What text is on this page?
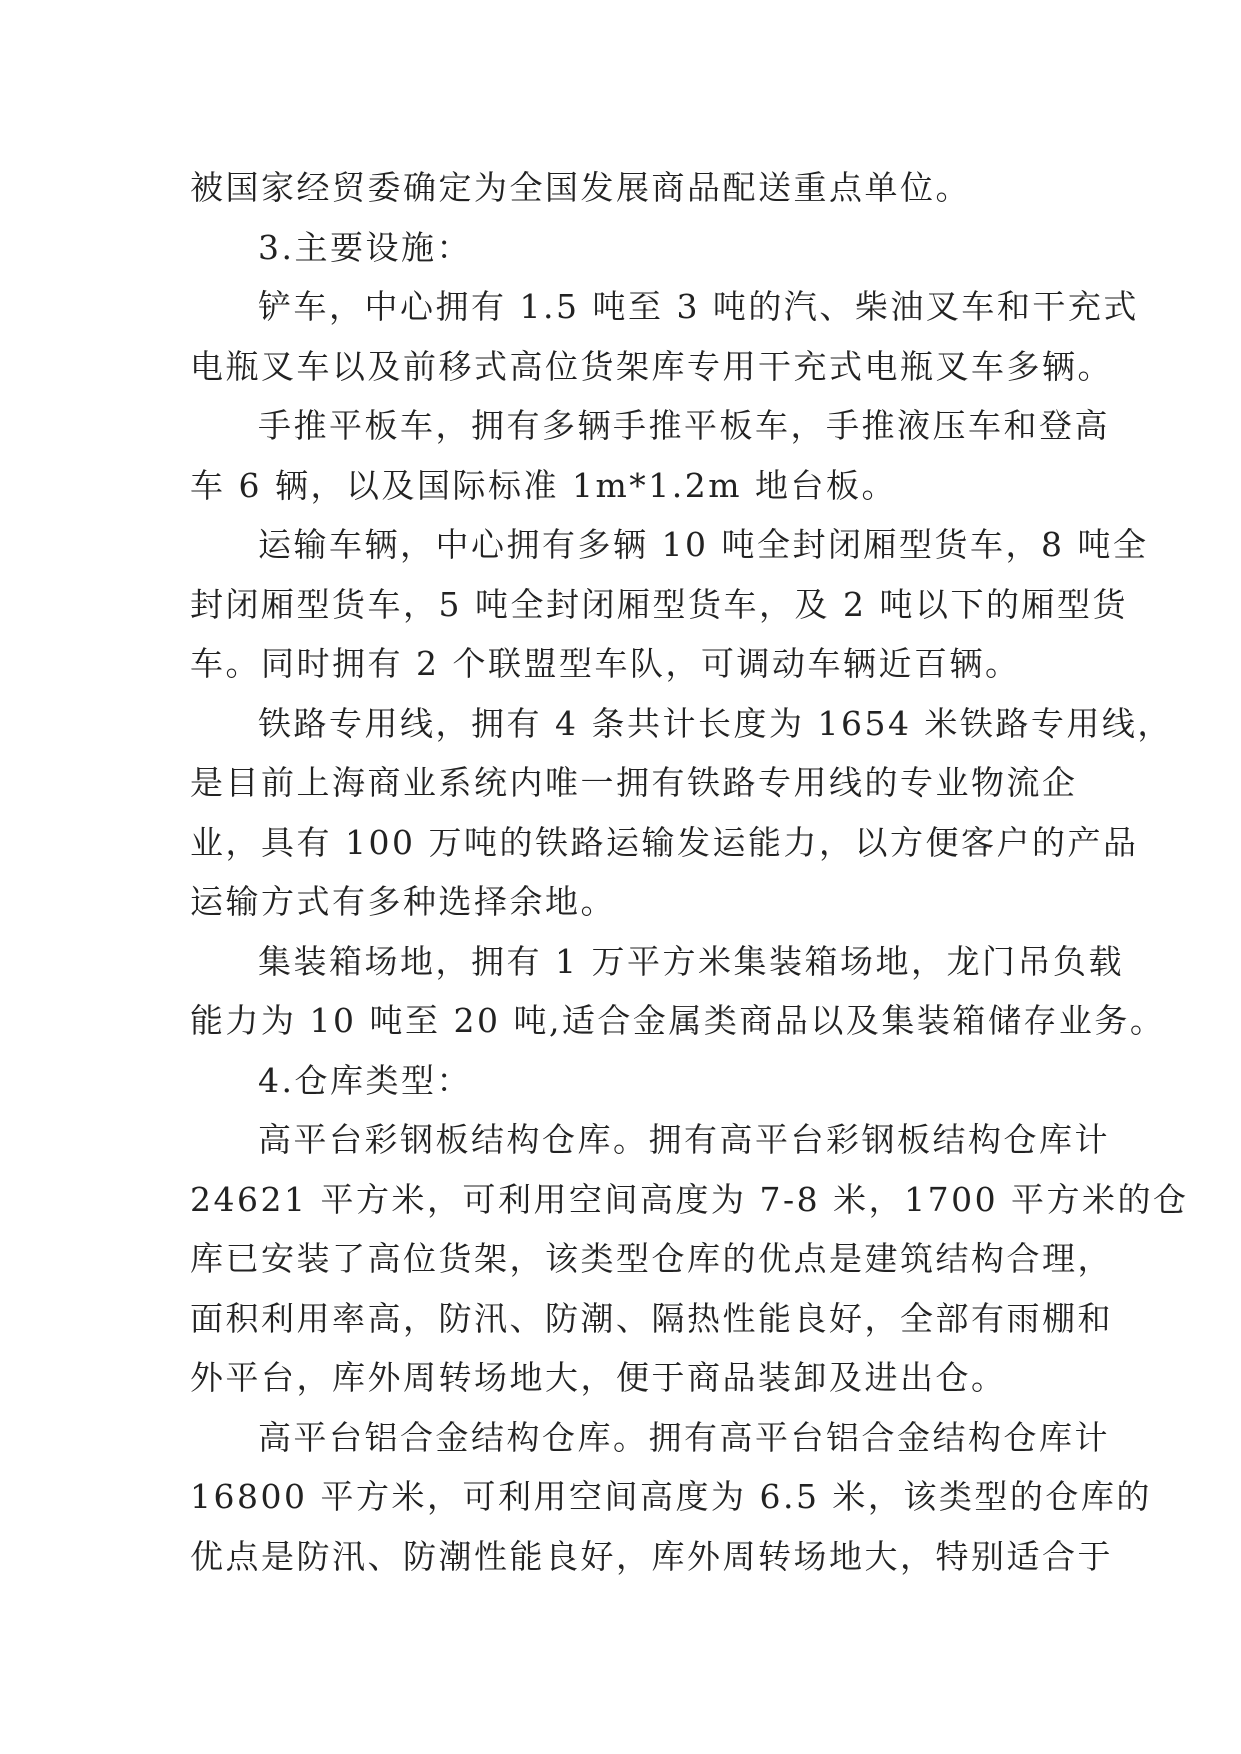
被国家经贸委确定为全国发展商品配送重点单位。
3.主要设施：
铲车，中心拥有 1.5 吨至 3 吨的汽、柴油叉车和干充式
电瓶叉车以及前移式高位货架库专用干充式电瓶叉车多辆。
手推平板车，拥有多辆手推平板车，手推液压车和登高
车 6 辆，以及国际标准 1m*1.2m 地台板。
运输车辆，中心拥有多辆 10 吨全封闭厢型货车，8 吨全
封闭厢型货车，5 吨全封闭厢型货车，及 2 吨以下的厢型货
车。同时拥有 2 个联盟型车队，可调动车辆近百辆。
铁路专用线，拥有 4 条共计长度为 1654 米铁路专用线，
是目前上海商业系统内唯一拥有铁路专用线的专业物流企
业，具有 100 万吨的铁路运输发运能力，以方便客户的产品
运输方式有多种选择余地。
集装箱场地，拥有 1 万平方米集装箱场地，龙门吊负载
能力为 10 吨至 20 吨,适合金属类商品以及集装箱储存业务。
4.仓库类型：
高平台彩钢板结构仓库。拥有高平台彩钢板结构仓库计
24621 平方米，可利用空间高度为 7-8 米，1700 平方米的仓
库已安装了高位货架，该类型仓库的优点是建筑结构合理，
面积利用率高，防汛、防潮、隔热性能良好，全部有雨棚和
外平台，库外周转场地大，便于商品装卸及进出仓。
高平台铝合金结构仓库。拥有高平台铝合金结构仓库计
16800 平方米，可利用空间高度为 6.5 米，该类型的仓库的
优点是防汛、防潮性能良好，库外周转场地大，特别适合于
